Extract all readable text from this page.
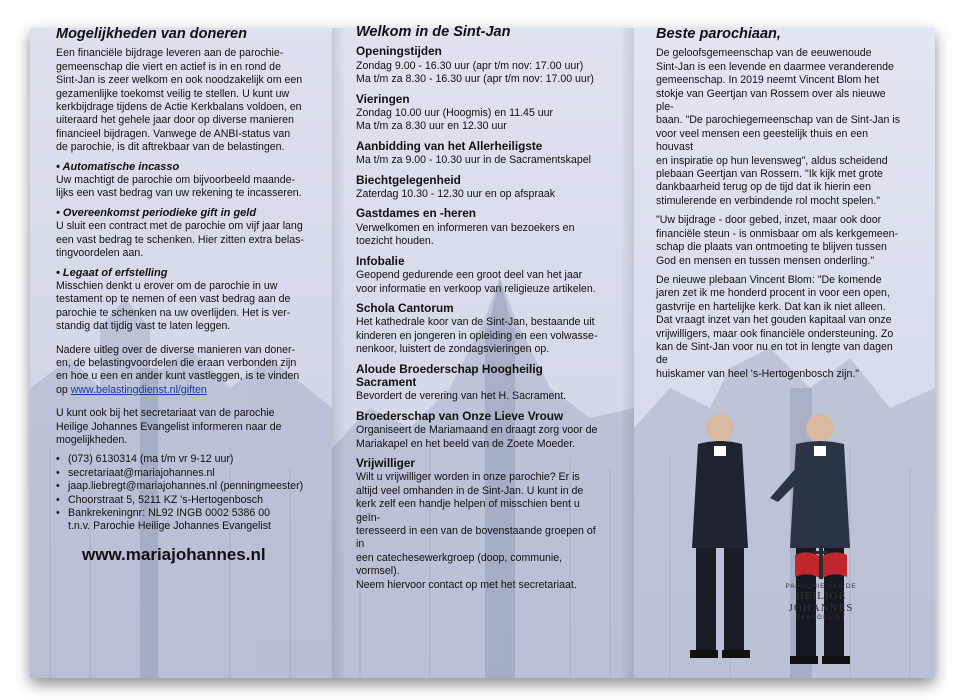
Mogelijkheden van doneren

Een financiële bijdrage leveren aan de parochie-
gemeenschap die viert en actief is in en rond de
Sint-Jan is zeer welkom en ook noodzakelijk om een
gezamenlijke toekomst veilig te stellen. U kunt uw
kerkbijdrage tijdens de Actie Kerkbalans voldoen, en
uiteraard het gehele jaar door op diverse manieren
financieel bijdragen. Vanwege de ANBI-status van
de parochie, is dit aftrekbaar van de belastingen.

• Automatische incasso

Uw machtigt de parochie om bijvoorbeeld maande-
lijks een vast bedrag van uw rekening te incasseren.

• Overeenkomst periodieke gift in geld

U sluit een contract met de parochie om vijf jaar lang
een vast bedrag te schenken. Hier zitten extra belas-
tingvoordelen aan.

• Legaat of erfstelling

Misschien denkt u erover om de parochie in uw
testament op te nemen of een vast bedrag aan de
parochie te schenken na uw overlijden. Het is ver-
standig dat tijdig vast te laten leggen.

Nadere uitleg over de diverse manieren van doner-
en, de belastingvoordelen die eraan verbonden zijn
en hoe u een en ander kunt vastleggen, is te vinden
op www.belastingdienst.nl/giften

U kunt ook bij het secretariaat van de parochie
Heilige Johannes Evangelist informeren naar de
mogelijkheden.

• (073) 6130314 (ma t/m vr 9-12 uur)
• secretariaat@mariajohannes.nl
• jaap.liebregt@mariajohannes.nl (penningmeester)
• Choorstraat 5, 5211 KZ 's-Hertogenbosch
• Bankrekeningnr: NL92 INGB 0002 5386 00
t.n.v. Parochie Heilige Johannes Evangelist
www.mariajohannes.nl
Welkom in de Sint-Jan
Openingstijden
Zondag 9.00 - 16.30 uur (apr t/m nov: 17.00 uur)
Ma t/m za 8.30 - 16.30 uur (apr t/m nov: 17.00 uur)
Vieringen
Zondag 10.00 uur (Hoogmis) en 11.45 uur
Ma t/m za 8.30 uur en 12.30 uur
Aanbidding van het Allerheiligste
Ma t/m za 9.00 - 10.30 uur in de Sacramentskapel
Biechtgelegenheid
Zaterdag 10.30 - 12.30 uur en op afspraak
Gastdames en -heren
Verwelkomen en informeren van bezoekers en
toezicht houden.
Infobalie
Geopend gedurende een groot deel van het jaar
voor informatie en verkoop van religieuze artikelen.
Schola Cantorum
Het kathedrale koor van de Sint-Jan, bestaande uit
kinderen en jongeren in opleiding en een volwasse-
nenkoor, luistert de zondagsvieringen op.
Aloude Broederschap Hoogheilig Sacrament
Bevordert de verering van het H. Sacrament.
Broederschap van Onze Lieve Vrouw
Organiseert de Mariamaand en draagt zorg voor de
Mariakapel en het beeld van de Zoete Moeder.
Vrijwilliger
Wilt u vrijwilliger worden in onze parochie? Er is
altijd veel omhanden in de Sint-Jan. U kunt in de
kerk zelf een handje helpen of misschien bent u geïn-
teresseerd in een van de bovenstaande groepen of in
een catechesewerkgroep (doop, communie, vormsel).
Neem hiervoor contact op met het secretariaat.
Beste parochiaan,

De geloofsgemeenschap van de eeuwenoude
Sint-Jan is een levende en daarmee veranderende
gemeenschap. In 2019 neemt Vincent Blom het
stokje van Geertjan van Rossem over als nieuwe ple-
baan. "De parochiegemeenschap van de Sint-Jan is
voor veel mensen een geestelijk thuis en een houvast
en inspiratie op hun levensweg", aldus scheidend
plebaan Geertjan van Rossem. "Ik kijk met grote
dankbaarheid terug op de tijd dat ik hierin een
stimulerende en verbindende rol mocht spelen."

"Uw bijdrage - door gebed, inzet, maar ook door
financiële steun - is onmisbaar om als kerkgemeen-
schap die plaats van ontmoeting te blijven tussen
God en mensen en tussen mensen onderling."

De nieuwe plebaan Vincent Blom: "De komende
jaren zet ik me honderd procent in voor een open,
gastvrije en hartelijke kerk. Dat kan ik niet alleen.
Dat vraagt inzet van het gouden kapitaal van onze
vrijwilligers, maar ook financiële ondersteuning. Zo
kan de Sint-Jan voor nu en tot in lengte van dagen de
huiskamer van heel 's-Hertogenbosch zijn."

PAROCHIE VAN DE
HEILIGE JOHANNES
EVANGELIST
